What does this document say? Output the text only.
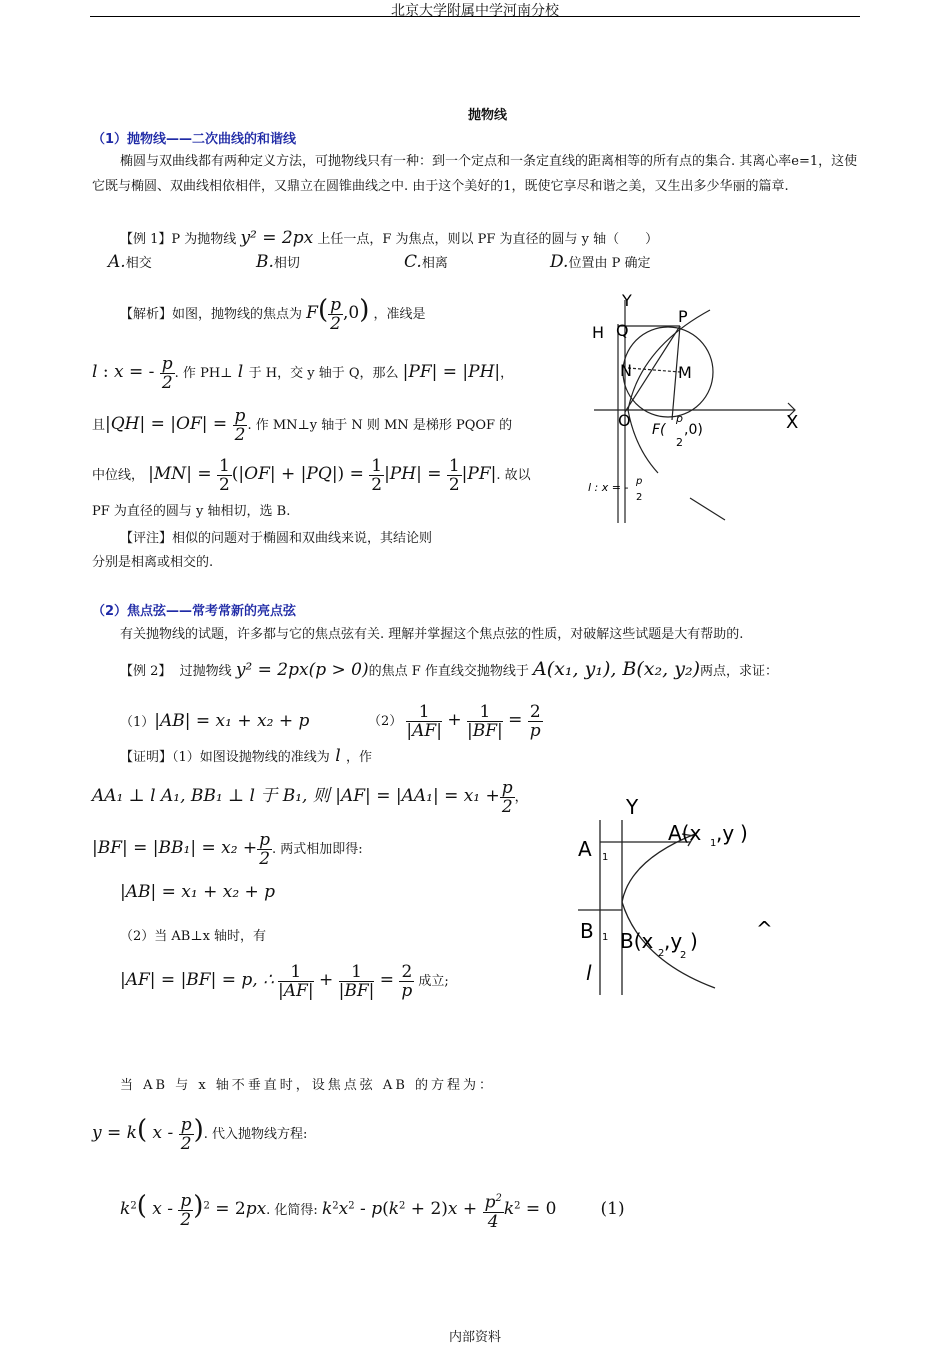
北京大学附属中学河南分校
内部资料
抛物线
（1）抛物线——二次曲线的和谐线
椭圆与双曲线都有两种定义方法，可抛物线只有一种：到一个定点和一条定直线的距离相等的所有点的集合. 其离心率e=1，这使它既与椭圆、双曲线相依相伴，又鼎立在圆锥曲线之中. 由于这个美好的1，既使它享尽和谐之美，又生出多少华丽的篇章.
【例 1】P 为抛物线 y² = 2px 上任一点，F 为焦点，则以 PF 为直径的圆与 y 轴（　　）
A.相交	B.相切	C.相离	D.位置由 P 确定
【解析】如图，抛物线的焦点为 $F( \frac{p}{2} ,0)$ ，准线是
l : x = - $\frac{p}{2}$ . 作 PH⊥ l 于 H，交 y 轴于 Q，那么 |PF| = |PH|，
且$|QH| = |OF| = \frac{p}{2}$ . 作 MN⊥y 轴于 N 则 MN 是梯形 PQOF 的
中位线， $|MN| = \frac{1}{2} (|OF| + |PQ|) = \frac{1}{2} |PH| = \frac{1}{2} |PF|$. 故以
PF 为直径的圆与 y 轴相切，选 B.
【评注】相似的问题对于椭圆和双曲线来说，其结论则
分别是相离或相交的.
Y
H Q
P
N	M
O	X
F(
p
2
,0)
l : x = - p
2
（2）焦点弦——常考常新的亮点弦
有关抛物线的试题，许多都与它的焦点弦有关. 理解并掌握这个焦点弦的性质，对破解这些试题是大有帮助的.
【例 2】 过抛物线 y² = 2px(p > 0)的焦点 F 作直线交抛物线于 A(x₁, y₁), B(x₂, y₂)两点，求证：
（1）|AB| = x₁ + x₂ + p	$(2) \frac{1}{|AF|} + \frac{1}{|BF|} = \frac{2}{p}$
【证明】（1）如图设抛物线的准线为 l ，作
AA₁ ⊥ l A₁, BB₁ ⊥ l 于 B₁, 则 $|AF| = |AA_1| = x_1 + \frac{p}{2}$ ，
$|BF| = |BB_1| = x_2 + \frac{p}{2}$ . 两式相加即得:
|AB| = x₁ + x₂ + p
（2）当 AB⊥x 轴时，有
|AF| = |BF| = p, ∴ $\frac{1}{|AF|} + \frac{1}{|BF|} = \frac{2}{p}$ 成立;
当 AB 与 x 轴不垂直时，设焦点弦 AB 的方程为：
y = k( x - $\frac{p}{2}$ ). 代入抛物线方程:
$k^2$( $x - \frac{p}{2} )^2 = 2px$. 化简得: $k^2x^2 - p(k^2 + 2)x + \frac{p^2}{4} k^2 = 0$	(1)
Y
A 1
A(x 1 ,y )
B 1 B(x
2
,y
2
)
l
^
